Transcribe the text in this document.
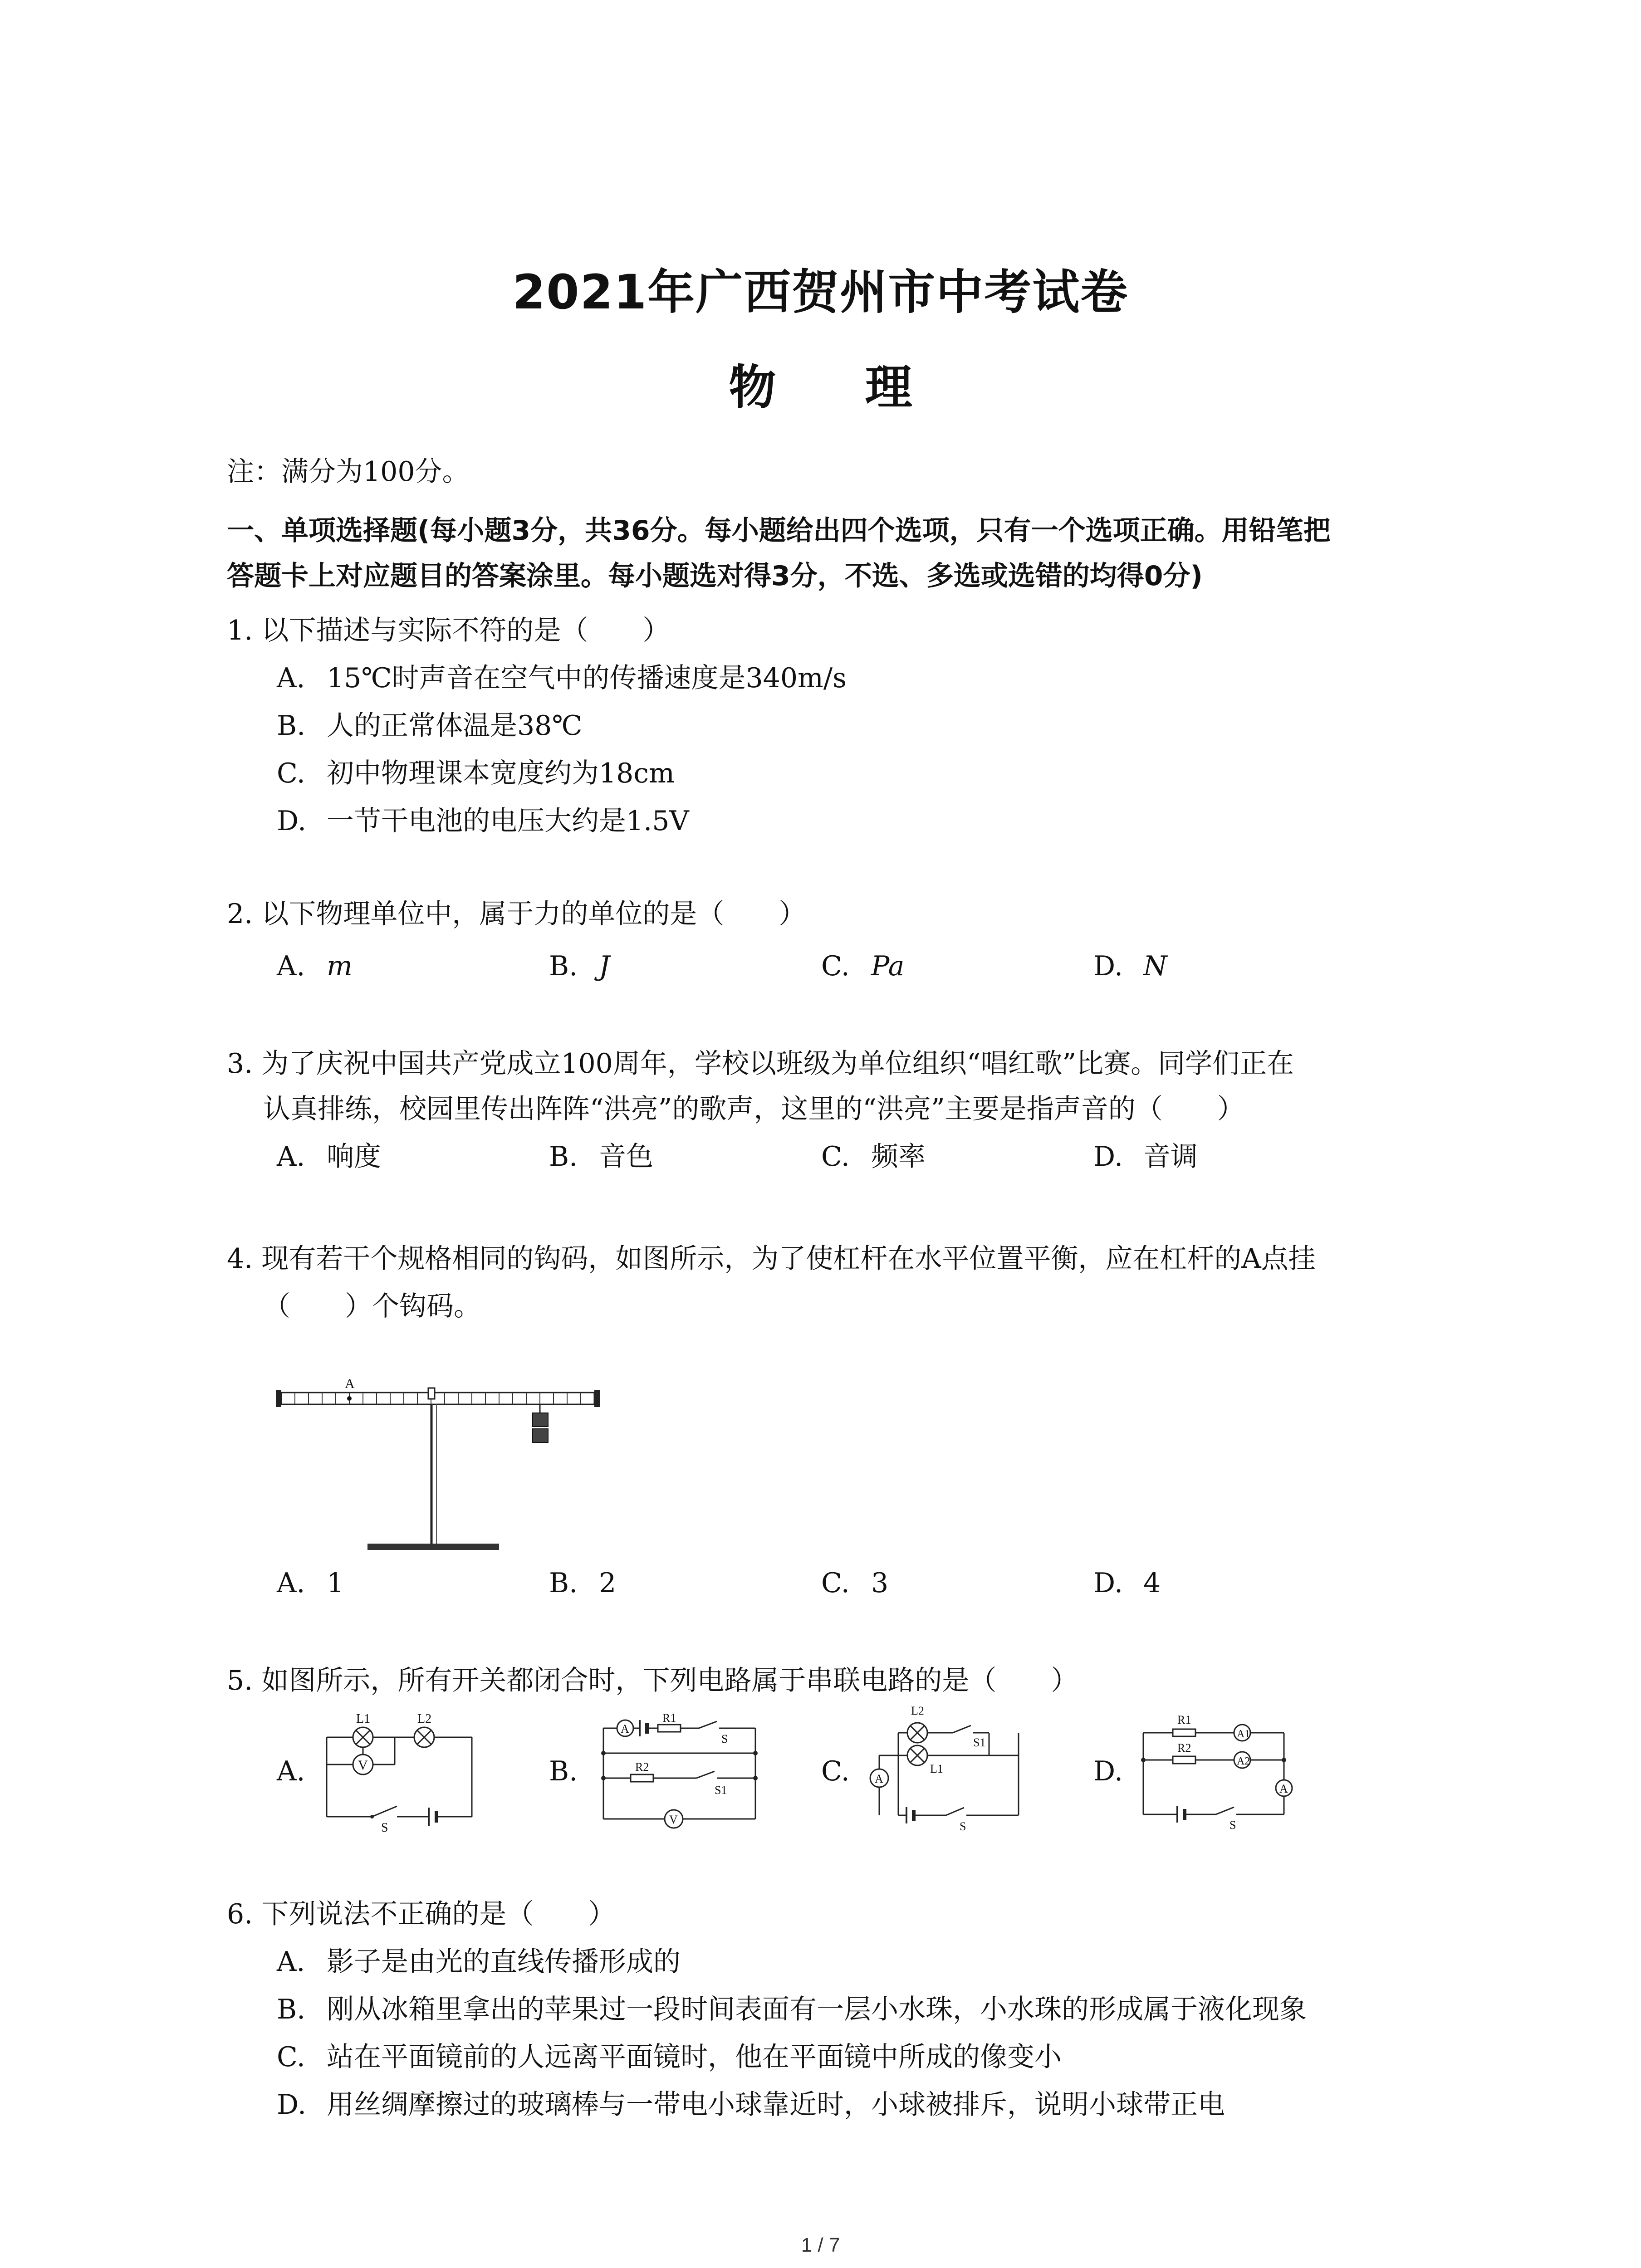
2021年广西贺州市中考试卷
物 理
注：满分为100分。
一、单项选择题(每小题3分，共36分。每小题给出四个选项，只有一个选项正确。用铅笔把
答题卡上对应题目的答案涂里。每小题选对得3分，不选、多选或选错的均得0分)
1. 以下描述与实际不符的是（　　）
A. 15℃时声音在空气中的传播速度是340m/s
B. 人的正常体温是38℃
C. 初中物理课本宽度约为18cm
D. 一节干电池的电压大约是1.5V
2. 以下物理单位中，属于力的单位的是（　　）
A. m	B. J	C. Pa	D. N
3. 为了庆祝中国共产党成立100周年，学校以班级为单位组织“唱红歌”比赛。同学们正在
认真排练，校园里传出阵阵“洪亮”的歌声，这里的“洪亮”主要是指声音的（　　）
A. 响度	B. 音色	C. 频率	D. 音调
4. 现有若干个规格相同的钩码，如图所示，为了使杠杆在水平位置平衡，应在杠杆的A点挂
（　　）个钩码。
A
A. 1	B. 2	C. 3	D. 4
5. 如图所示，所有开关都闭合时，下列电路属于串联电路的是（　　）
A.	V
L1	L2
S
B.
A
V
R1
S
R2
S1
C. A
L2
S1
L1
S
D.
A1
A2
A
R1
R2
S
6. 下列说法不正确的是（　　）
A. 影子是由光的直线传播形成的
B. 刚从冰箱里拿出的苹果过一段时间表面有一层小水珠，小水珠的形成属于液化现象
C. 站在平面镜前的人远离平面镜时，他在平面镜中所成的像变小
D. 用丝绸摩擦过的玻璃棒与一带电小球靠近时，小球被排斥，说明小球带正电
1 / 7
